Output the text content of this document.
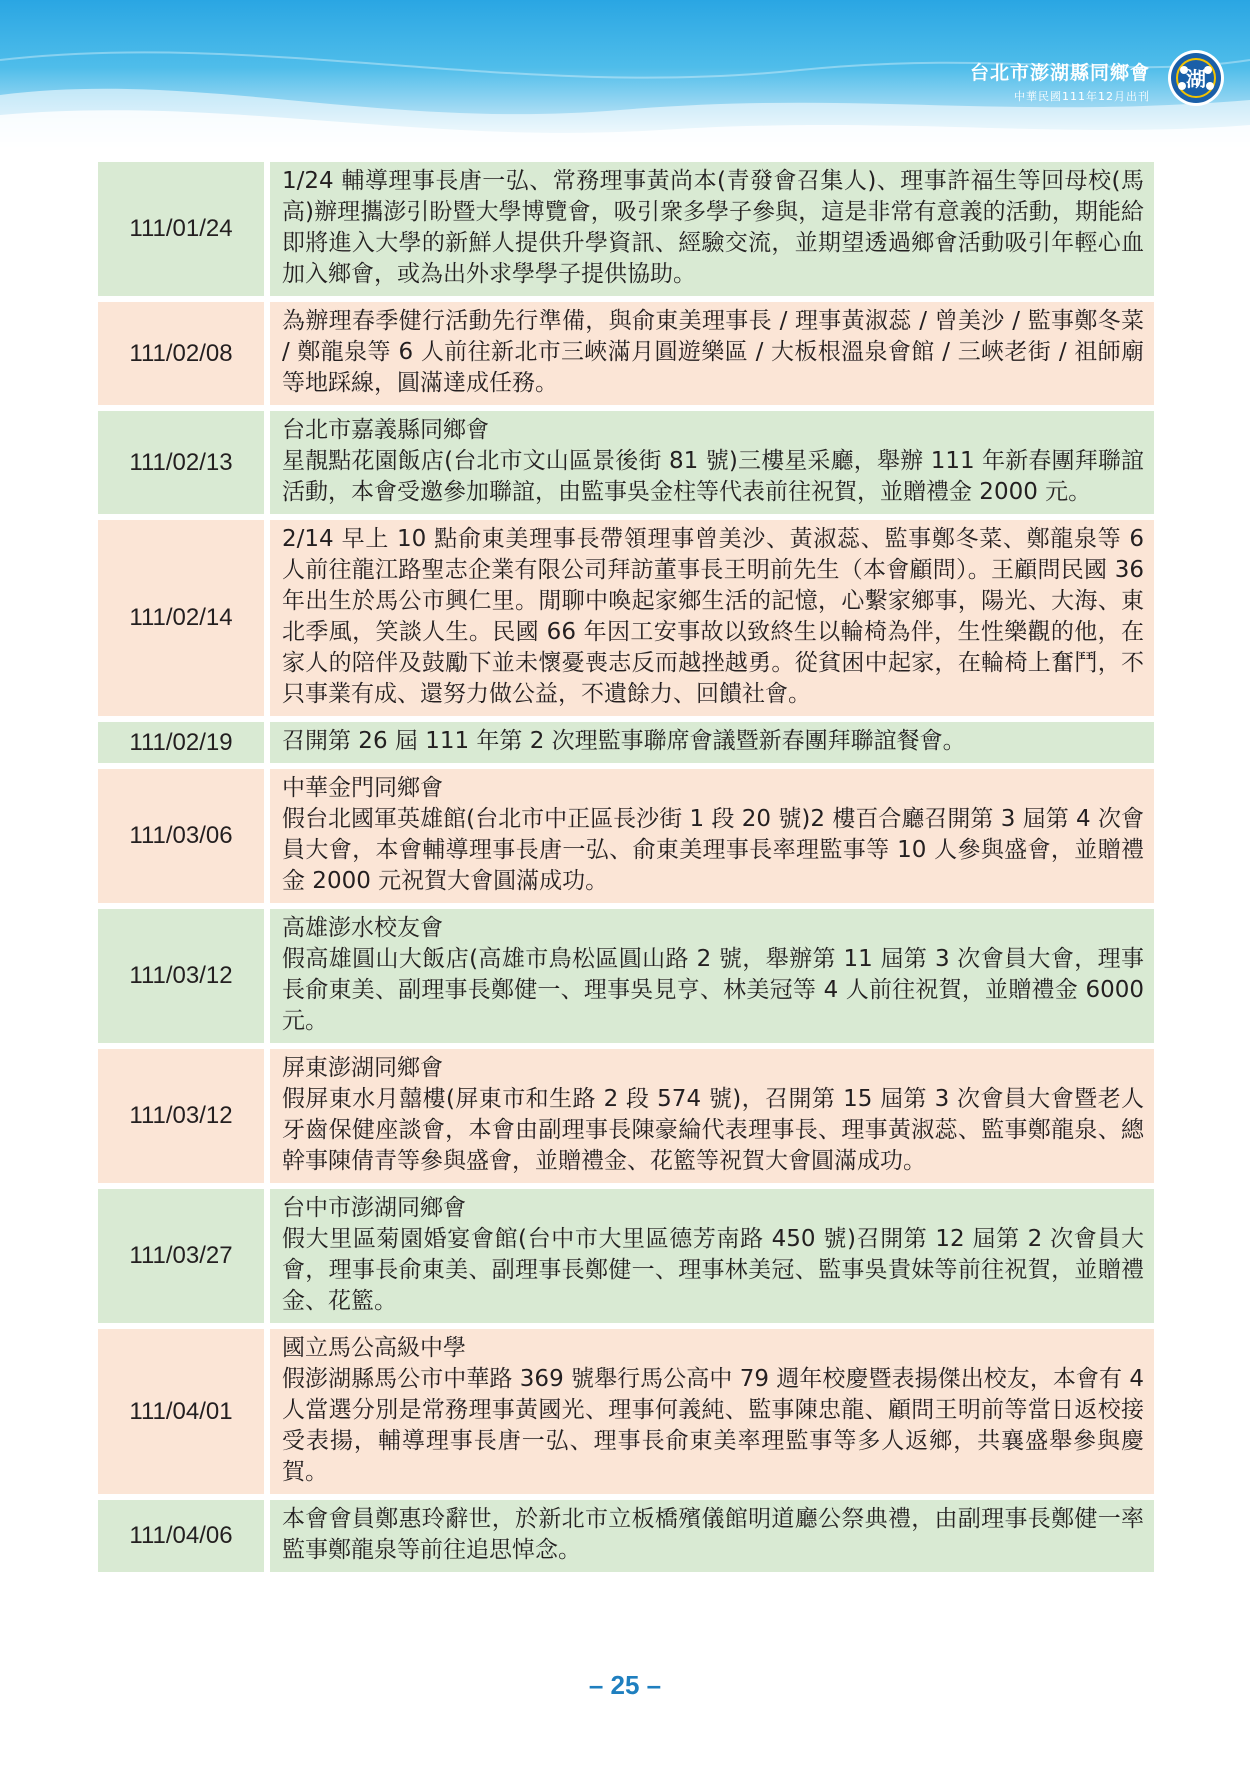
台北市澎湖縣同鄉會
中華民國111年12月出刊
湖
111/01/24	1/24 輔導理事長唐一弘、常務理事黃尚本(青發會召集人)、理事許福生等回母校(馬高)辦理攜澎引盼暨大學博覽會，吸引衆多學子參與，這是非常有意義的活動，期能給即將進入大學的新鮮人提供升學資訊、經驗交流，並期望透過鄉會活動吸引年輕心血加入鄉會，或為出外求學學子提供協助。

111/02/08	為辦理春季健行活動先行準備，與俞東美理事長 / 理事黃淑蕊 / 曾美沙 / 監事鄭冬菜 / 鄭龍泉等 6 人前往新北市三峽滿月圓遊樂區 / 大板根溫泉會館 / 三峽老街 / 祖師廟等地踩線，圓滿達成任務。

111/02/13	台北市嘉義縣同鄉會
星靚點花園飯店(台北市文山區景後街 81 號)三樓星采廳，舉辦 111 年新春團拜聯誼活動，本會受邀參加聯誼，由監事吳金柱等代表前往祝賀，並贈禮金 2000 元。

111/02/14	2/14 早上 10 點俞東美理事長帶領理事曾美沙、黃淑蕊、監事鄭冬菜、鄭龍泉等 6 人前往龍江路聖志企業有限公司拜訪董事長王明前先生（本會顧問）。王顧問民國 36 年出生於馬公市興仁里。閒聊中喚起家鄉生活的記憶，心繫家鄉事，陽光、大海、東北季風，笑談人生。民國 66 年因工安事故以致終生以輪椅為伴，生性樂觀的他，在家人的陪伴及鼓勵下並未懷憂喪志反而越挫越勇。從貧困中起家，在輪椅上奮鬥，不只事業有成、還努力做公益，不遺餘力、回饋社會。

111/02/19	召開第 26 屆 111 年第 2 次理監事聯席會議暨新春團拜聯誼餐會。

111/03/06	中華金門同鄉會
假台北國軍英雄館(台北市中正區長沙街 1 段 20 號)2 樓百合廳召開第 3 屆第 4 次會員大會，本會輔導理事長唐一弘、俞東美理事長率理監事等 10 人參與盛會，並贈禮金 2000 元祝賀大會圓滿成功。

111/03/12	高雄澎水校友會
假高雄圓山大飯店(高雄市鳥松區圓山路 2 號，舉辦第 11 屆第 3 次會員大會，理事長俞東美、副理事長鄭健一、理事吳見亨、林美冠等 4 人前往祝賀，並贈禮金 6000 元。

111/03/12	屏東澎湖同鄉會
假屏東水月囍樓(屏東市和生路 2 段 574 號)，召開第 15 屆第 3 次會員大會暨老人牙齒保健座談會，本會由副理事長陳豪綸代表理事長、理事黃淑蕊、監事鄭龍泉、總幹事陳倩青等參與盛會，並贈禮金、花籃等祝賀大會圓滿成功。

111/03/27	台中市澎湖同鄉會
假大里區菊園婚宴會館(台中市大里區德芳南路 450 號)召開第 12 屆第 2 次會員大會，理事長俞東美、副理事長鄭健一、理事林美冠、監事吳貴妹等前往祝賀，並贈禮金、花籃。

111/04/01	國立馬公高級中學
假澎湖縣馬公市中華路 369 號舉行馬公高中 79 週年校慶暨表揚傑出校友，本會有 4 人當選分別是常務理事黃國光、理事何義純、監事陳忠龍、顧問王明前等當日返校接受表揚，輔導理事長唐一弘、理事長俞東美率理監事等多人返鄉，共襄盛舉參與慶賀。

111/04/06	本會會員鄭惠玲辭世，於新北市立板橋殯儀館明道廳公祭典禮，由副理事長鄭健一率監事鄭龍泉等前往追思悼念。
– 25 –
